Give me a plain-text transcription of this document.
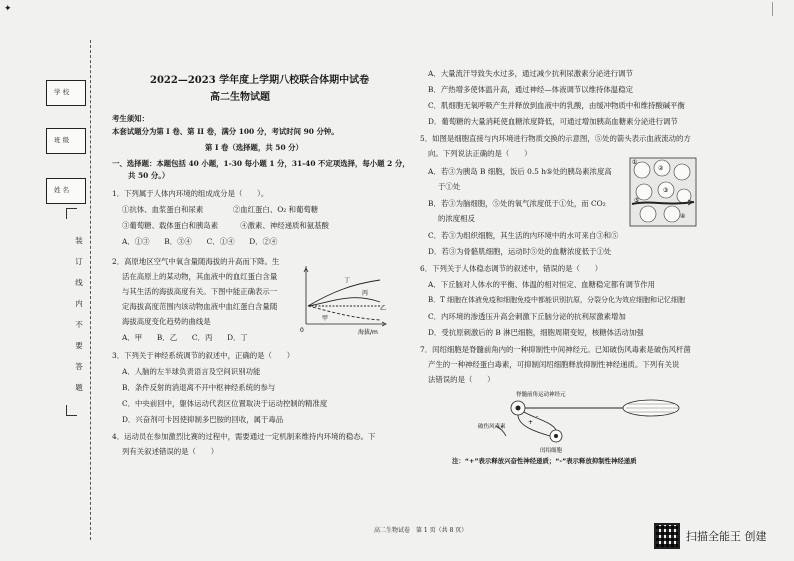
✦
学 校
班 级
姓 名
装
订
线
内
不
要
答
题
2022—2023 学年度上学期八校联合体期中试卷
高二生物试题
考生须知：
本套试题分为第 I 卷、第 II 卷，满分 100 分，考试时间 90 分钟。
第 I 卷（选择题，共 50 分）
一、选择题：本题包括 40 小题，1-30 每小题 1 分，31-40 不定项选择，每小题 2 分，
共 50 分。）
1．下列属于人体内环境的组成成分是（　　）。
①抗体、血浆蛋白和尿素　　　　②血红蛋白、O₂ 和葡萄糖
③葡萄糖、载体蛋白和胰岛素　　　④激素、神经递质和氨基酸
A．①③　　B．③④　　C．①④　　D．②④
2．高原地区空气中氧含量随海拔的升高而下降。生
活在高原上的某动物，其血液中的血红蛋白含量
与其生活的海拔高度有关。下图中能正确表示一
定海拔高度范围内该动物血液中血红蛋白含量随
海拔高度变化趋势的曲线是
A．甲　　B．乙　　C．丙　　D．丁
3．下列关于神经系统调节的叙述中，正确的是（　　）
A．人脑的左半球负责语言及空间识别功能
B．条件反射的消退离不开中枢神经系统的参与
C．中央前回中，躯体运动代表区位置取决于运动控制的精准度
D．兴奋剂可卡因使抑制多巴胺的回收，属于毒品
4．运动员在参加激烈比赛的过程中，需要通过一定机制来维持内环境的稳态。下
列有关叙述错误的是（　　）
丁
丙
乙
甲
0	海拔/m
A．大量流汗导致失水过多，通过减少抗利尿激素分泌进行调节
B．产热增多使体温升高，通过神经—体液调节以维持体温稳定
C．肌细胞无氧呼吸产生并释放到血液中的乳酸，由缓冲物质中和维持酸碱平衡
D．葡萄糖的大量消耗使血糖浓度降低，可通过增加胰高血糖素分泌进行调节
5．如图是细胞直接与内环境进行物质交换的示意图，⑤处的箭头表示血液流动的方
向。下列说法正确的是（　　）
A．若③为胰岛 B 细胞，饭后 0.5 h⑤处的胰岛素浓度高
于①处
B．若③为脑细胞，⑤处的氧气浓度低于①处，而 CO₂
的浓度相反
C．若③为组织细胞，其生活的内环境中的水可来自③和⑤
D．若③为骨骼肌细胞，运动时⑤处的血糖浓度低于①处
6．下列关于人体稳态调节的叙述中，错误的是（　　）
A．下丘脑对人体水的平衡、体温的相对恒定、血糖稳定都有调节作用
B．T 细胞在体液免疫和细胞免疫中都能识别抗原，分裂分化为效应细胞和记忆细胞
C．内环境的渗透压升高会刺激下丘脑分泌的抗利尿激素增加
D．受抗原刺激后的 B 淋巴细胞，细胞周期变短，核糖体活动加强
7．闰绍细胞是脊髓前角内的一种抑制性中间神经元。已知破伤风毒素是破伤风杆菌
产生的一种神经蛋白毒素，可抑制闰绍细胞释放抑制性神经递质。下列有关说
法错误的是（　　）
①
②
③
④
⑤
脊髓前角运动神经元
破伤风毒素
闰绍细胞
+
-
注：“+”表示释放兴奋性神经递质；“-”表示释放抑制性神经递质
高二生物试卷　第 1 页（共 8 页）	扫描全能王 创建
